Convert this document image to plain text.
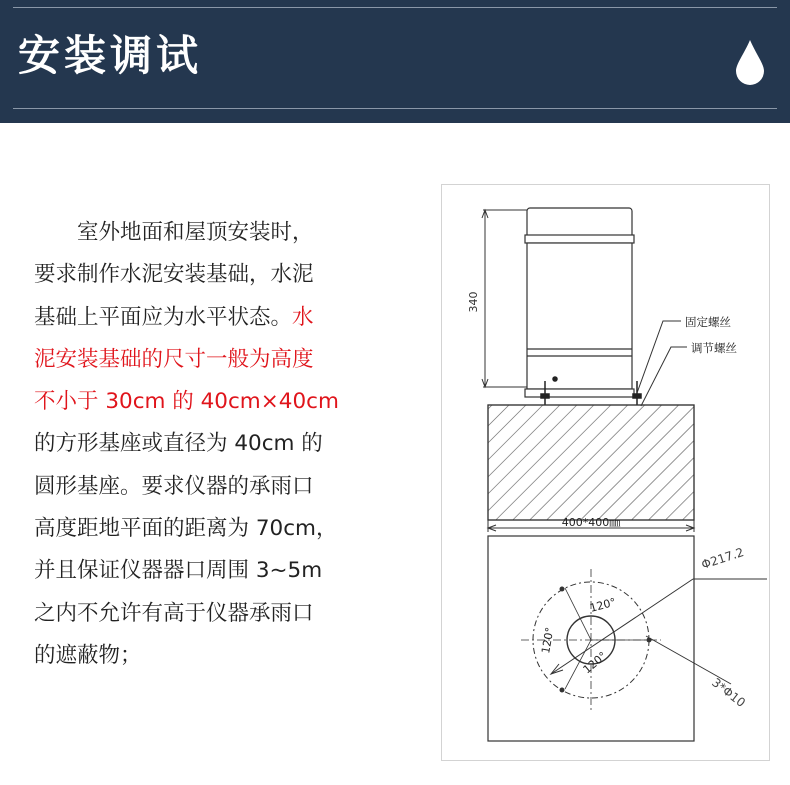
安装调试
　　室外地面和屋顶安装时，
要求制作水泥安装基础，水泥
基础上平面应为水平状态。水
泥安装基础的尺寸一般为高度
不小于 30cm 的 40cm×40cm
的方形基座或直径为 40cm 的
圆形基座。要求仪器的承雨口
高度距地平面的距离为 70cm，
并且保证仪器器口周围 3~5m
之内不允许有高于仪器承雨口
的遮蔽物；
340
固定螺丝
调节螺丝
400*400㎜
Φ217.2
3*Φ10
120°
120°
120°
